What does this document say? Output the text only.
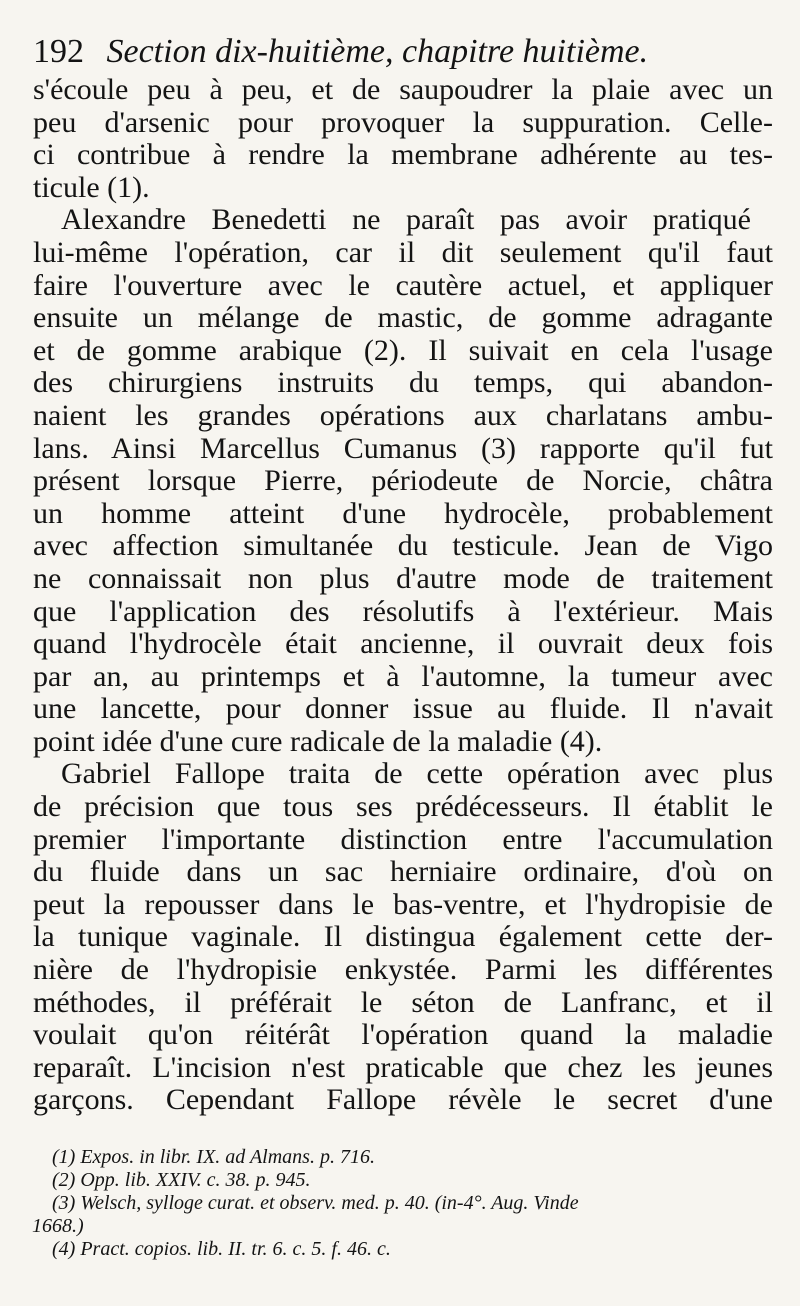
192 Section dix-huitième, chapitre huitième.
s'écoule peu à peu, et de saupoudrer la plaie avec un
peu d'arsenic pour provoquer la suppuration. Celle-
ci contribue à rendre la membrane adhérente au tes-
ticule (1).
Alexandre Benedetti ne paraît pas avoir pratiqué
lui-même l'opération, car il dit seulement qu'il faut
faire l'ouverture avec le cautère actuel, et appliquer
ensuite un mélange de mastic, de gomme adragante
et de gomme arabique (2). Il suivait en cela l'usage
des chirurgiens instruits du temps, qui abandon-
naient les grandes opérations aux charlatans ambu-
lans. Ainsi Marcellus Cumanus (3) rapporte qu'il fut
présent lorsque Pierre, périodeute de Norcie, châtra
un homme atteint d'une hydrocèle, probablement
avec affection simultanée du testicule. Jean de Vigo
ne connaissait non plus d'autre mode de traitement
que l'application des résolutifs à l'extérieur. Mais
quand l'hydrocèle était ancienne, il ouvrait deux fois
par an, au printemps et à l'automne, la tumeur avec
une lancette, pour donner issue au fluide. Il n'avait
point idée d'une cure radicale de la maladie (4).
Gabriel Fallope traita de cette opération avec plus
de précision que tous ses prédécesseurs. Il établit le
premier l'importante distinction entre l'accumulation
du fluide dans un sac herniaire ordinaire, d'où on
peut la repousser dans le bas-ventre, et l'hydropisie de
la tunique vaginale. Il distingua également cette der-
nière de l'hydropisie enkystée. Parmi les différentes
méthodes, il préférait le séton de Lanfranc, et il
voulait qu'on réitérât l'opération quand la maladie
reparaît. L'incision n'est praticable que chez les jeunes
garçons. Cependant Fallope révèle le secret d'une
(1) Expos. in libr. IX. ad Almans. p. 716.
(2) Opp. lib. XXIV. c. 38. p. 945.
(3) Welsch, sylloge curat. et observ. med. p. 40. (in-4°. Aug. Vinde
1668.)
(4) Pract. copios. lib. II. tr. 6. c. 5. f. 46. c.
